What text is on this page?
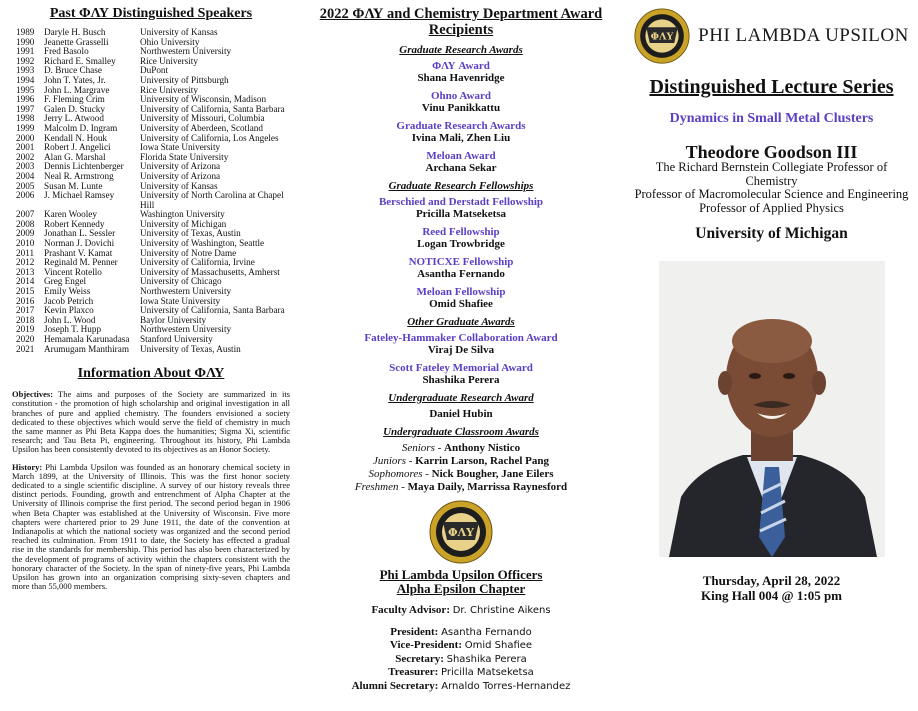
Past ΦΛΥ Distinguished Speakers
1989	Daryle H. Busch	University of Kansas
1990	Jeanette Grasselli	Ohio University
1991	Fred Basolo	Northwestern University
1992	Richard E. Smalley	Rice University
1993	D. Bruce Chase	DuPont
1994	John T. Yates, Jr.	University of Pittsburgh
1995	John L. Margrave	Rice University
1996	F. Fleming Crim	University of Wisconsin, Madison
1997	Galen D. Stucky	University of California, Santa Barbara
1998	Jerry L. Atwood	University of Missouri, Columbia
1999	Malcolm D. Ingram	University of Aberdeen, Scotland
2000	Kendall N. Houk	University of California, Los Angeles
2001	Robert J. Angelici	Iowa State University
2002	Alan G. Marshal	Florida State University
2003	Dennis Lichtenberger	University of Arizona
2004	Neal R. Armstrong	University of Arizona
2005	Susan M. Lunte	University of Kansas
2006	J. Michael Ramsey	University of North Carolina at Chapel Hill
2007	Karen Wooley	Washington University
2008	Robert Kennedy	University of Michigan
2009	Jonathan L. Sessler	University of Texas, Austin
2010	Norman J. Dovichi	University of Washington, Seattle
2011	Prashant V. Kamat	University of Notre Dame
2012	Reginald M. Penner	University of California, Irvine
2013	Vincent Rotello	University of Massachusetts, Amherst
2014	Greg Engel	University of Chicago
2015	Emily Weiss	Northwestern University
2016	Jacob Petrich	Iowa State University
2017	Kevin Plaxco	University of California, Santa Barbara
2018	John L. Wood	Baylor University
2019	Joseph T. Hupp	Northwestern University
2020	Hemamala Karunadasa	Stanford University
2021	Arumugam Manthiram	University of Texas, Austin
Information About ΦΛΥ

Objectives: The aims and purposes of the Society are summarized in its constitution - the promotion of high scholarship and original investigation in all branches of pure and applied chemistry. The founders envisioned a society dedicated to these objectives which would serve the field of chemistry in much the same manner as Phi Beta Kappa does the humanities; Sigma Xi, scientific research; and Tau Beta Pi, engineering. Throughout its history, Phi Lambda Upsilon has been consistently devoted to its objectives as an Honor Society.

History: Phi Lambda Upsilon was founded as an honorary chemical society in March 1899, at the University of Illinois. This was the first honor society dedicated to a single scientific discipline. A survey of our history reveals three distinct periods. Founding, growth and entrenchment of Alpha Chapter at the University of Illinois comprise the first period. The second period began in 1906 when Beta Chapter was established at the University of Wisconsin. Five more chapters were chartered prior to 29 June 1911, the date of the convention at Indianapolis at which the national society was organized and the second period reached its culmination. From 1911 to date, the Society has effected a gradual rise in the standards for membership. This period has also been characterized by the development of programs of activity within the chapters consistent with the honorary character of the Society. In the span of ninety-five years, Phi Lambda Upsilon has grown into an organization comprising sixty-seven chapters and more than 55,000 members.

2022 ΦΛΥ and Chemistry Department Award Recipients
Graduate Research Awards
ΦΛΥ Award
Shana Havenridge
Ohno Award
Vinu Panikkattu
Graduate Research Awards
Ivina Mali, Zhen Liu
Meloan Award
Archana Sekar
Graduate Research Fellowships
Berschied and Derstadt Fellowship
Pricilla Matseketsa
Reed Fellowship
Logan Trowbridge
NOTICXE Fellowship
Asantha Fernando
Meloan Fellowship
Omid Shafiee
Other Graduate Awards
Fateley-Hammaker Collaboration Award
Viraj De Silva
Scott Fateley Memorial Award
Shashika Perera
Undergraduate Research Award
Daniel Hubin
Undergraduate Classroom Awards
Seniors - Anthony Nistico
Juniors - Karrin Larson, Rachel Pang
Sophomores - Nick Bougher, Jane Eilers
Freshmen - Maya Daily, Marrissa Raynesford
ΦΛΥ
Phi Lambda Upsilon Officers
Alpha Epsilon Chapter
Faculty Advisor: Dr. Christine Aikens
President: Asantha Fernando
Vice-President: Omid Shafiee
Secretary: Shashika Perera
Treasurer: Pricilla Matseketsa
Alumni Secretary: Arnaldo Torres-Hernandez
ΦΛΥ PHI LAMBDA UPSILON
Distinguished Lecture Series
Dynamics in Small Metal Clusters
Theodore Goodson III
The Richard Bernstein Collegiate Professor of Chemistry
Professor of Macromolecular Science and Engineering
Professor of Applied Physics
University of Michigan
Thursday, April 28, 2022
King Hall 004 @ 1:05 pm
